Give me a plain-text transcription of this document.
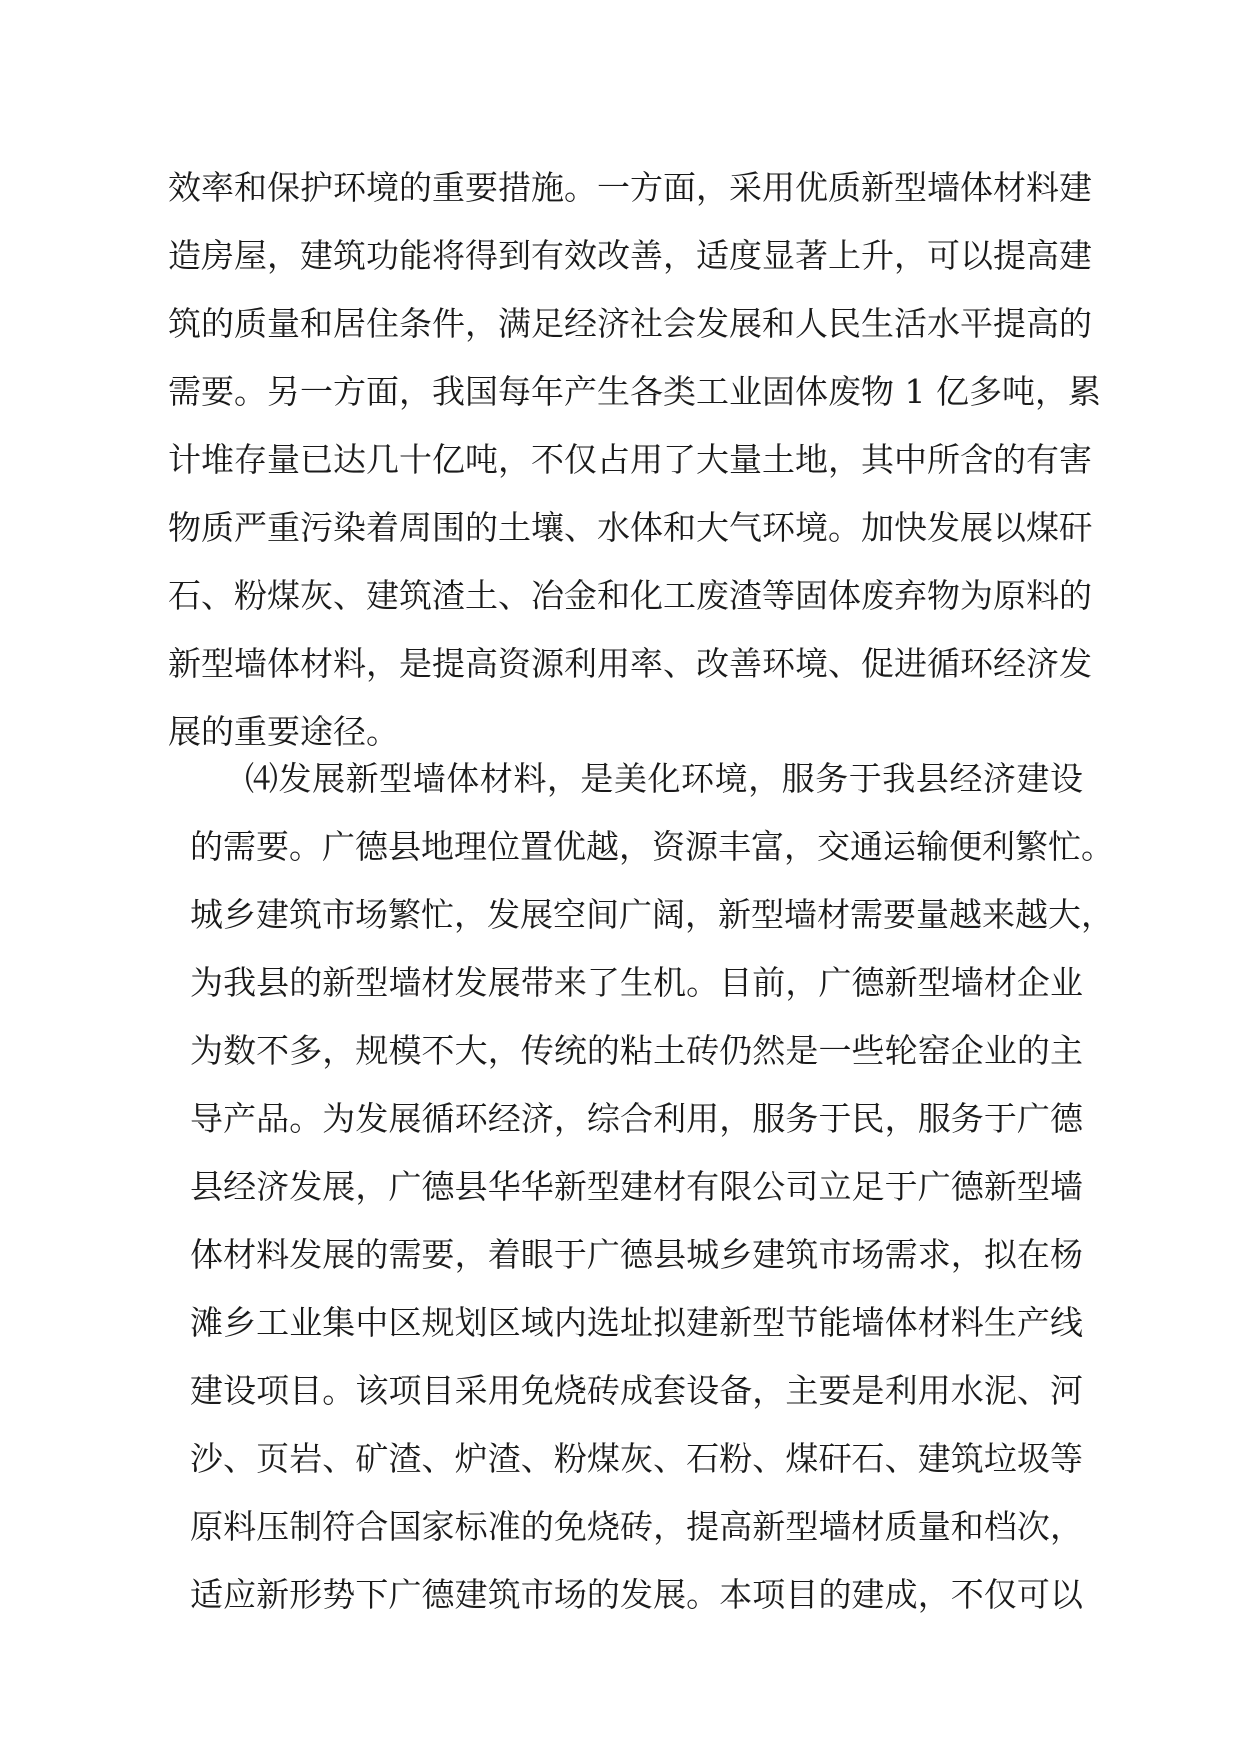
效率和保护环境的重要措施。一方面，采用优质新型墙体材料建
造房屋，建筑功能将得到有效改善，适度显著上升，可以提高建
筑的质量和居住条件，满足经济社会发展和人民生活水平提高的
需要。另一方面，我国每年产生各类工业固体废物 1 亿多吨，累
计堆存量已达几十亿吨，不仅占用了大量土地，其中所含的有害
物质严重污染着周围的土壤、水体和大气环境。加快发展以煤矸
石、粉煤灰、建筑渣土、冶金和化工废渣等固体废弃物为原料的
新型墙体材料，是提高资源利用率、改善环境、促进循环经济发
展的重要途径。
⑷发展新型墙体材料，是美化环境，服务于我县经济建设
的需要。广德县地理位置优越，资源丰富，交通运输便利繁忙。
城乡建筑市场繁忙，发展空间广阔，新型墙材需要量越来越大，
为我县的新型墙材发展带来了生机。目前，广德新型墙材企业
为数不多，规模不大，传统的粘土砖仍然是一些轮窑企业的主
导产品。为发展循环经济，综合利用，服务于民，服务于广德
县经济发展，广德县华华新型建材有限公司立足于广德新型墙
体材料发展的需要，着眼于广德县城乡建筑市场需求，拟在杨
滩乡工业集中区规划区域内选址拟建新型节能墙体材料生产线
建设项目。该项目采用免烧砖成套设备，主要是利用水泥、河
沙、页岩、矿渣、炉渣、粉煤灰、石粉、煤矸石、建筑垃圾等
原料压制符合国家标准的免烧砖，提高新型墙材质量和档次，
适应新形势下广德建筑市场的发展。本项目的建成，不仅可以
